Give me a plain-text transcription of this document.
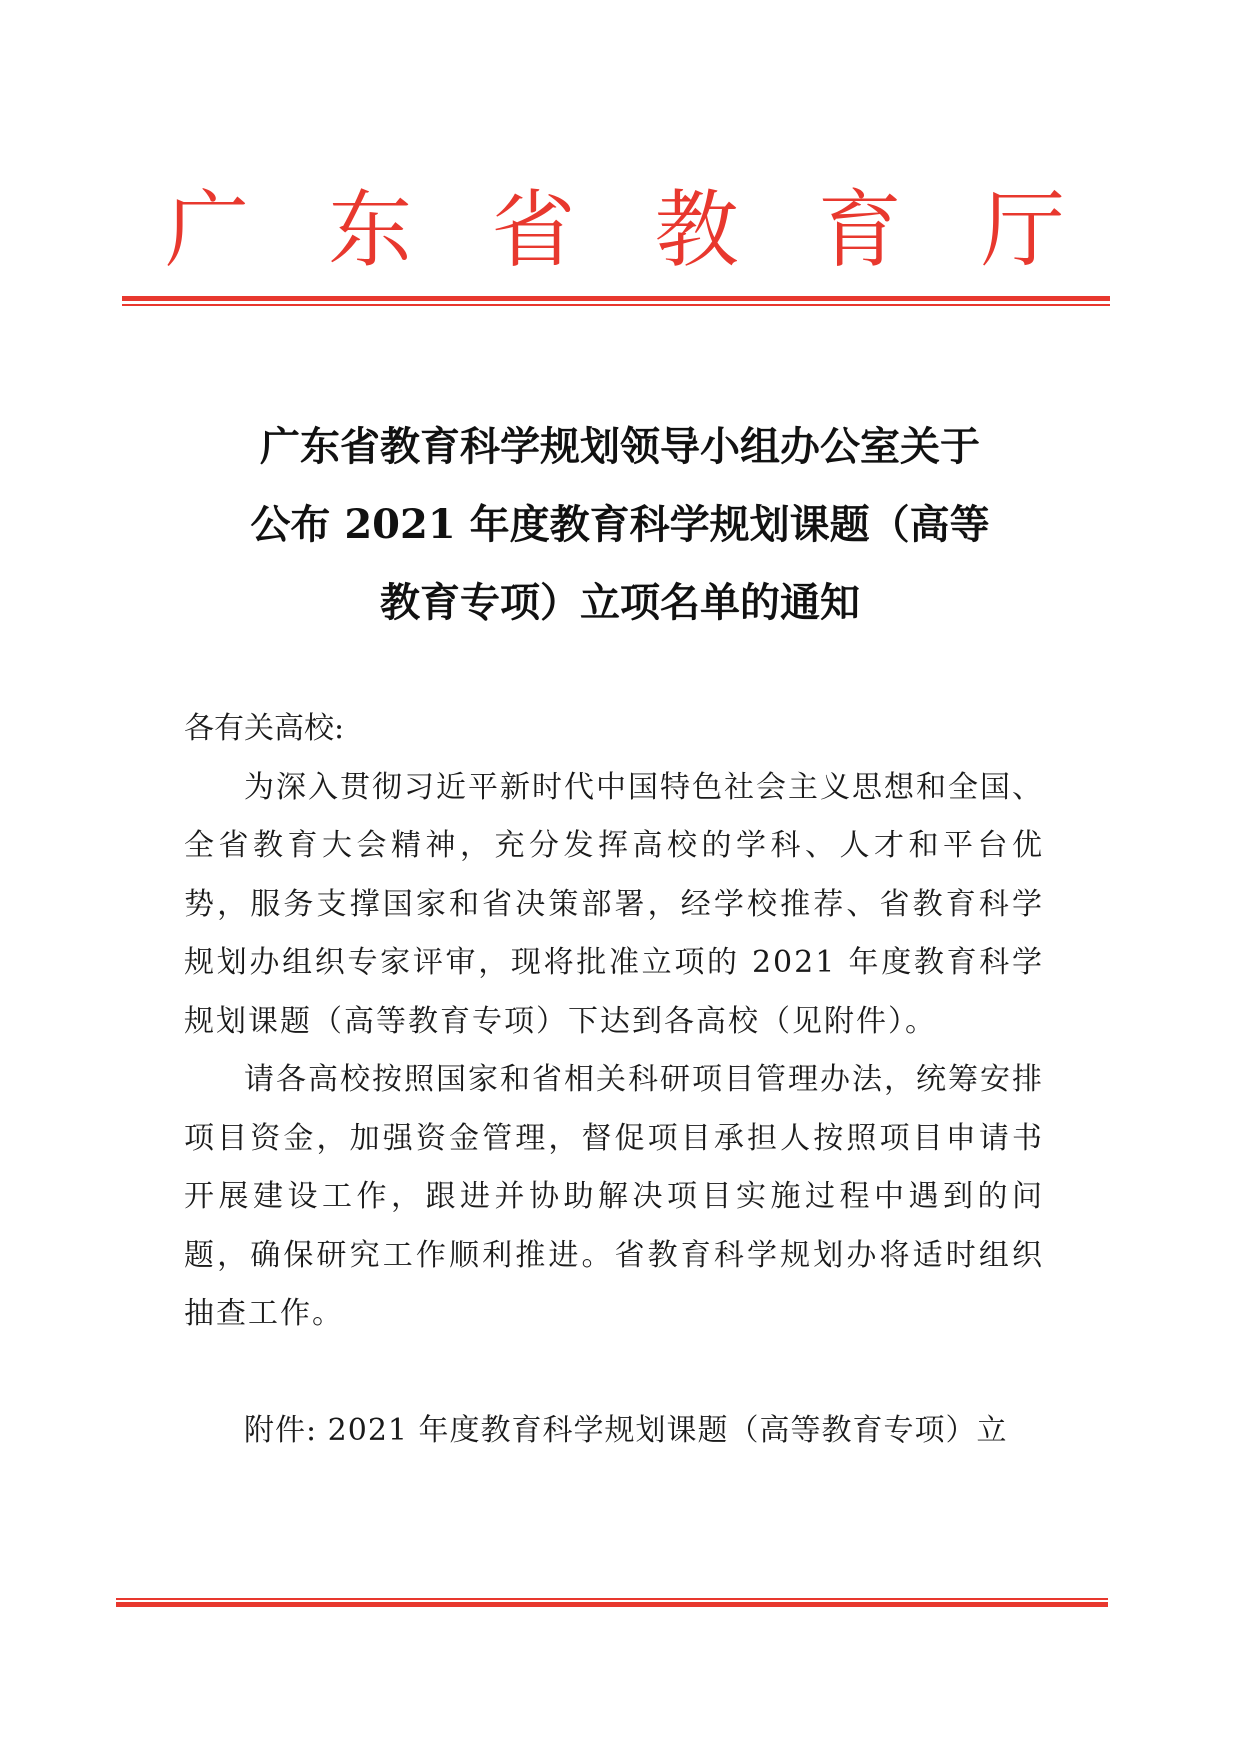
广 东 省 教 育 厅
广东省教育科学规划领导小组办公室关于
公布 2021 年度教育科学规划课题（高等
教育专项）立项名单的通知

各有关高校:

为深入贯彻习近平新时代中国特色社会主义思想和全国、全省教育大会精神，充分发挥高校的学科、人才和平台优势，服务支撑国家和省决策部署，经学校推荐、省教育科学规划办组织专家评审，现将批准立项的 2021 年度教育科学规划课题（高等教育专项）下达到各高校（见附件）。

请各高校按照国家和省相关科研项目管理办法，统筹安排项目资金，加强资金管理，督促项目承担人按照项目申请书开展建设工作，跟进并协助解决项目实施过程中遇到的问题，确保研究工作顺利推进。省教育科学规划办将适时组织抽查工作。

附件: 2021 年度教育科学规划课题（高等教育专项）立
